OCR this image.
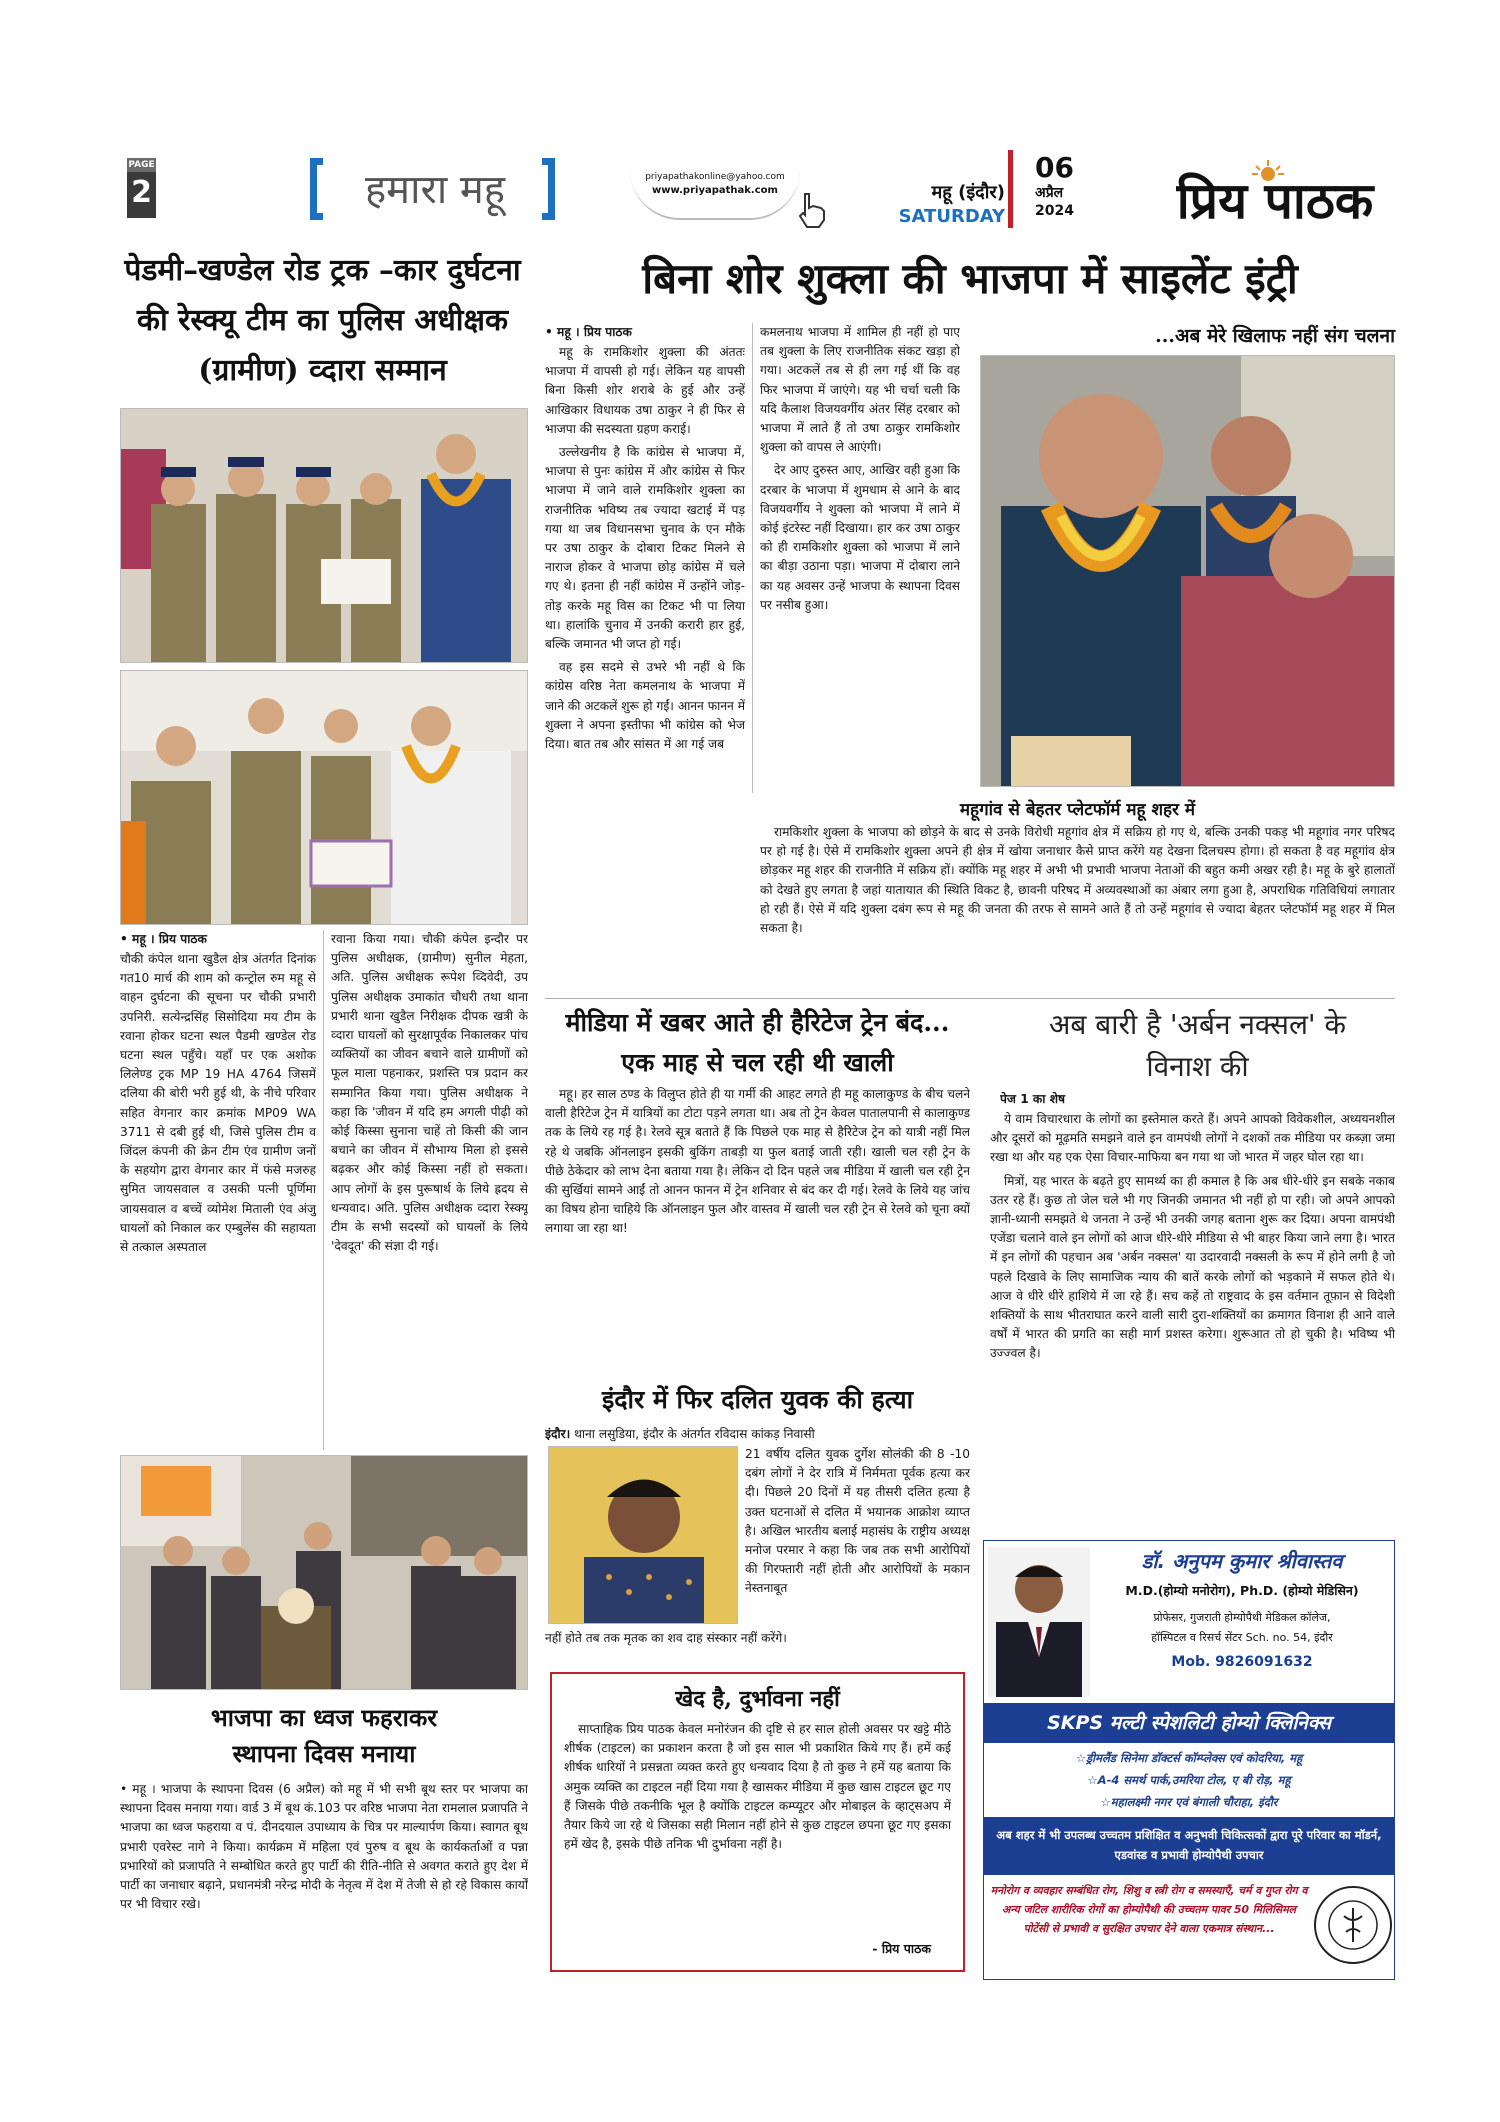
PAGE
2	हमारा महू	priyapathakonline@yahoo.com
www.priyapathak.com	महू (इंदौर)
SATURDAY
06
अप्रैल
2024	प्रिय पाठक
पेडमी–खण्डेल रोड ट्रक –कार दुर्घटना की रेस्क्यू टीम का पुलिस अधीक्षक (ग्रामीण) व्दारा सम्मान
• महू । प्रिय पाठक
चौकी कंपेल थाना खुडैल क्षेत्र अंतर्गत दिनांक गत10 मार्च की शाम को कन्ट्रोल रुम महू से वाहन दुर्घटना की सूचना पर चौकी प्रभारी उपनिरी. सत्येन्द्रसिंह सिसोदिया मय टीम के रवाना होकर घटना स्थल पैडमी खण्डेल रोड घटना स्थल पहुँचे। यहाँ पर एक अशोक लिलेण्ड ट्रक MP 19 HA 4764 जिसमें दलिया की बोरी भरी हुई थी, के नीचे परिवार सहित वेगनार कार क्रमांक MP09 WA 3711 से दबी हुई थी, जिसे पुलिस टीम व जिंदल कंपनी की क्रेन टीम एंव ग्रामीण जनों के सहयोग द्वारा वेगनार कार में फंसे मजरुह सुमित जायसवाल व उसकी पत्नी पूर्णिमा जायसवाल व बच्चें व्योमेश मिताली एंव अंजु घायलों को निकाल कर एम्बुलेंस की सहायता से तत्काल अस्पताल
रवाना किया गया। चौकी कंपेल इन्दौर पर पुलिस अधीक्षक, (ग्रामीण) सुनील मेहता, अति. पुलिस अधीक्षक रूपेश व्दिवेदी, उप पुलिस अधीक्षक उमाकांत चौधरी तथा थाना प्रभारी थाना खुडैल निरीक्षक दीपक खत्री के व्दारा घायलों को सुरक्षापूर्वक निकालकर पांच व्यक्तियों का जीवन बचाने वाले ग्रामीणों को फूल माला पहनाकर, प्रशस्ति पत्र प्रदान कर सम्मानित किया गया। पुलिस अधीक्षक ने कहा कि 'जीवन में यदि हम अगली पीढ़ी को कोई किस्सा सुनाना चाहें तो किसी की जान बचाने का जीवन में सौभाग्य मिला हो इससे बढ़कर और कोई किस्सा नहीं हो सकता। आप लोगों के इस पुरूषार्थ के लिये ह्रदय से धन्यवाद। अति. पुलिस अधीक्षक व्दारा रेस्क्यू टीम के सभी सदस्यों को घायलों के लिये 'देवदूत' की संज्ञा दी गई।
भाजपा का ध्वज फहराकर स्थापना दिवस मनाया
• महू । भाजपा के स्थापना दिवस (6 अप्रैल) को महू में भी सभी बूथ स्तर पर भाजपा का स्थापना दिवस मनाया गया। वार्ड 3 में बूथ कं.103 पर वरिष्ठ भाजपा नेता रामलाल प्रजापति ने भाजपा का ध्वज फहराया व पं. दीनदयाल उपाध्याय के चित्र पर माल्यार्पण किया। स्वागत बूथ प्रभारी एवरेस्ट नागे ने किया। कार्यक्रम में महिला एवं पुरुष व बूथ के कार्यकर्ताओं व पन्ना प्रभारियों को प्रजापति ने सम्बोधित करते हुए पार्टी की रीति-नीति से अवगत कराते हुए देश में पार्टी का जनाधार बढ़ाने, प्रधानमंत्री नरेन्द्र मोदी के नेतृत्व में देश में तेजी से हो रहे विकास कार्यों पर भी विचार रखे।
बिना शोर शुक्ला की भाजपा में साइलेंट इंट्री
• महू । प्रिय पाठक

महू के रामकिशोर शुक्ला की अंततः भाजपा में वापसी हो गई। लेकिन यह वापसी बिना किसी शोर शराबे के हुई और उन्हें आखिकार विधायक उषा ठाकुर ने ही फिर से भाजपा की सदस्यता ग्रहण कराई।

उल्लेखनीय है कि कांग्रेस से भाजपा में, भाजपा से पुनः कांग्रेस में और कांग्रेस से फिर भाजपा में जाने वाले रामकिशोर शुक्ला का राजनीतिक भविष्य तब ज्यादा खटाई में पड़ गया था जब विधानसभा चुनाव के एन मौके पर उषा ठाकुर के दोबारा टिकट मिलने से नाराज होकर वे भाजपा छोड़ कांग्रेस में चले गए थे। इतना ही नहीं कांग्रेस में उन्होंने जोड़-तोड़ करके महू विस का टिकट भी पा लिया था। हालांकि चुनाव में उनकी करारी हार हुई, बल्कि जमानत भी जप्त हो गई।

वह इस सदमे से उभरे भी नहीं थे कि कांग्रेस वरिष्ठ नेता कमलनाथ के भाजपा में जाने की अटकलें शुरू हो गईं। आनन फानन में शुक्ला ने अपना इस्तीफा भी कांग्रेस को भेज दिया। बात तब और सांसत में आ गई जब

कमलनाथ भाजपा में शामिल ही नहीं हो पाए तब शुक्ला के लिए राजनीतिक संकट खड़ा हो गया। अटकलें तब से ही लग गई थीं कि वह फिर भाजपा में जाएंगे। यह भी चर्चा चली कि यदि कैलाश विजयवर्गीय अंतर सिंह दरबार को भाजपा में लाते हैं तो उषा ठाकुर रामकिशोर शुक्ला को वापस ले आएंगी।

देर आए दुरुस्त आए, आखिर वही हुआ कि दरबार के भाजपा में शुमधाम से आने के बाद विजयवर्गीय ने शुक्ला को भाजपा में लाने में कोई इंटरेस्ट नहीं दिखाया। हार कर उषा ठाकुर को ही रामकिशोर शुक्ला को भाजपा में लाने का बीड़ा उठाना पड़ा। भाजपा में दोबारा लाने का यह अवसर उन्हें भाजपा के स्थापना दिवस पर नसीब हुआ।

...अब मेरे खिलाफ नहीं संग चलना
महूगांव से बेहतर प्लेटफॉर्म महू शहर में
रामकिशोर शुक्ला के भाजपा को छोड़ने के बाद से उनके विरोधी महूगांव क्षेत्र में सक्रिय हो गए थे, बल्कि उनकी पकड़ भी महूगांव नगर परिषद पर हो गई है। ऐसे में रामकिशोर शुक्ला अपने ही क्षेत्र में खोया जनाधार कैसे प्राप्त करेंगे यह देखना दिलचस्प होगा। हो सकता है वह महूगांव क्षेत्र छोड़कर महू शहर की राजनीति में सक्रिय हों। क्योंकि महू शहर में अभी भी प्रभावी भाजपा नेताओं की बहुत कमी अखर रही है। महू के बुरे हालातों को देखते हुए लगता है जहां यातायात की स्थिति विकट है, छावनी परिषद में अव्यवस्थाओं का अंबार लगा हुआ है, अपराधिक गतिविधियां लगातार हो रही हैं। ऐसे में यदि शुक्ला दबंग रूप से महू की जनता की तरफ से सामने आते हैं तो उन्हें महूगांव से ज्यादा बेहतर प्लेटफॉर्म महू शहर में मिल सकता है।
मीडिया में खबर आते ही हैरिटेज ट्रेन बंद... एक माह से चल रही थी खाली
महू। हर साल ठण्ड के विलुप्त होते ही या गर्मी की आहट लगते ही महू कालाकुण्ड के बीच चलने वाली हैरिटेज ट्रेन में यात्रियों का टोटा पड़ने लगता था। अब तो ट्रेन केवल पातालपानी से कालाकुण्ड तक के लिये रह गई है। रेलवे सूत्र बताते हैं कि पिछले एक माह से हैरिटेज ट्रेन को यात्री नहीं मिल रहे थे जबकि ऑनलाइन इसकी बुकिंग ताबड़ी या फुल बताई जाती रही। खाली चल रही ट्रेन के पीछे ठेकेदार को लाभ देना बताया गया है। लेकिन दो दिन पहले जब मीडिया में खाली चल रही ट्रेन की सुर्खियां सामने आईं तो आनन फानन में ट्रेन शनिवार से बंद कर दी गई। रेलवे के लिये यह जांच का विषय होना चाहिये कि ऑनलाइन फुल और वास्तव में खाली चल रही ट्रेन से रेलवे को चूना क्यों लगाया जा रहा था!
इंदौर में फिर दलित युवक की हत्या
इंदौर। थाना लसुडिया, इंदौर के अंतर्गत रविदास कांकड़ निवासी
21 वर्षीय दलित युवक दुर्गेश सोलंकी की 8 -10 दबंग लोगों ने देर रात्रि में निर्ममता पूर्वक हत्या कर दी। पिछले 20 दिनों में यह तीसरी दलित हत्या है उक्त घटनाओं से दलित में भयानक आक्रोश व्याप्त है। अखिल भारतीय बलाई महासंघ के राष्ट्रीय अध्यक्ष मनोज परमार ने कहा कि जब तक सभी आरोपियों की गिरफ्तारी नहीं होती और आरोपियों के मकान नेस्तनाबूत
नहीं होते तब तक मृतक का शव दाह संस्कार नहीं करेंगे।
खेद है, दुर्भावना नहीं
साप्ताहिक प्रिय पाठक केवल मनोरंजन की दृष्टि से हर साल होली अवसर पर खट्टे मीठे शीर्षक (टाइटल) का प्रकाशन करता है जो इस साल भी प्रकाशित किये गए हैं। हमें कई शीर्षक धारियों ने प्रसन्नता व्यक्त करते हुए धन्यवाद दिया है तो कुछ ने हमें यह बताया कि अमुक व्यक्ति का टाइटल नहीं दिया गया है खासकर मीडिया में कुछ खास टाइटल छूट गए हैं जिसके पीछे तकनीकि भूल है क्योंकि टाइटल कम्प्यूटर और मोबाइल के व्हाट्सअप में तैयार किये जा रहे थे जिसका सही मिलान नहीं होने से कुछ टाइटल छपना छूट गए इसका हमें खेद है, इसके पीछे तनिक भी दुर्भावना नहीं है।
- प्रिय पाठक
अब बारी है 'अर्बन नक्सल' के विनाश की
पेज 1 का शेष

ये वाम विचारधारा के लोगों का इस्तेमाल करते हैं। अपने आपको विवेकशील, अध्ययनशील और दूसरों को मूढ़मति समझने वाले इन वामपंथी लोगों ने दशकों तक मीडिया पर कब्ज़ा जमा रखा था और यह एक ऐसा विचार-माफिया बन गया था जो भारत में जहर घोल रहा था।

मित्रों, यह भारत के बढ़ते हुए सामर्थ्य का ही कमाल है कि अब धीरे-धीरे इन सबके नकाब उतर रहे हैं। कुछ तो जेल चले भी गए जिनकी जमानत भी नहीं हो पा रही। जो अपने आपको ज्ञानी-ध्यानी समझते थे जनता ने उन्हें भी उनकी जगह बताना शुरू कर दिया। अपना वामपंथी एजेंडा चलाने वाले इन लोगों को आज धीरे-धीरे मीडिया से भी बाहर किया जाने लगा है। भारत में इन लोगों की पहचान अब 'अर्बन नक्सल' या उदारवादी नक्सली के रूप में होने लगी है जो पहले दिखावे के लिए सामाजिक न्याय की बातें करके लोगों को भड़काने में सफल होते थे। आज वे धीरे धीरे हाशिये में जा रहे हैं। सच कहें तो राष्ट्रवाद के इस वर्तमान तूफ़ान से विदेशी शक्तियों के साथ भीतराघात करने वाली सारी दुरा-शक्तियों का क्रमागत विनाश ही आने वाले वर्षों में भारत की प्रगति का सही मार्ग प्रशस्त करेगा। शुरूआत तो हो चुकी है। भविष्य भी उज्ज्वल है।

डॉ. अनुपम कुमार श्रीवास्तव
M.D.(होम्यो मनोरोग), Ph.D. (होम्यो मेडिसिन)
प्रोफेसर, गुजराती होम्योपैथी मेडिकल कॉलेज,
हॉस्पिटल व रिसर्च सेंटर Sch. no. 54, इंदौर
Mob. 9826091632
SKPS मल्टी स्पेशलिटी होम्यो क्लिनिक्स
☆ड्रीमलैंड सिनेमा डॉक्टर्स कॉम्प्लेक्स एवं कोदरिया, महू
☆A-4 समर्थ पार्क,उमरिया टोल, ए बी रोड़, महू
☆महालक्ष्मी नगर एवं बंगाली चौराहा, इंदौर
अब शहर में भी उपलब्ध उच्चतम प्रशिक्षित व अनुभवी चिकित्सकों द्वारा पूरे परिवार का मॉडर्न, एडवांस्ड व प्रभावी होम्योपैथी उपचार
मनोरोग व व्यवहार सम्बंधित रोग, शिशु व स्त्री रोग व समस्याएँ, चर्म व गुप्त रोग व अन्य जटिल शारीरिक रोगों का होम्योपैथी की उच्चतम पावर 50 मिलिसिमल पोटेंसी से प्रभावी व सुरक्षित उपचार देने वाला एकमात्र संस्थान...
